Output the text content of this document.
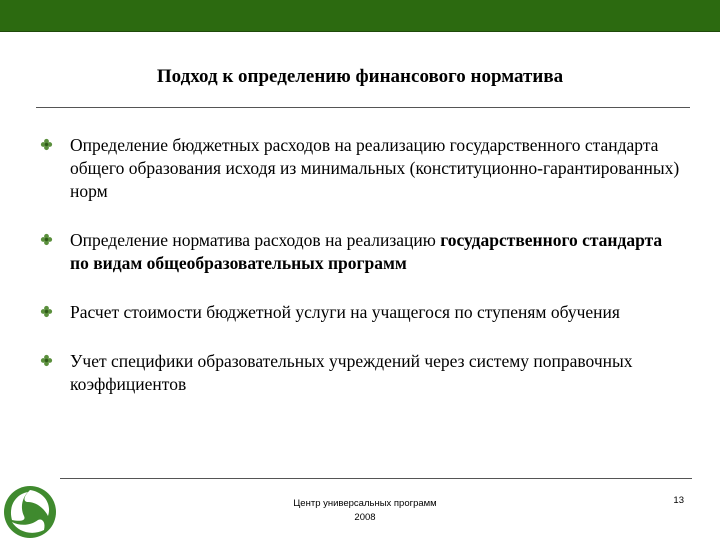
Подход к определению финансового норматива
Определение бюджетных расходов на реализацию государственного стандарта общего образования исходя из минимальных (конституционно-гарантированных) норм
Определение норматива расходов на реализацию государственного стандарта по видам общеобразовательных программ
Расчет стоимости бюджетной услуги на учащегося по ступеням обучения
Учет специфики образовательных учреждений через систему поправочных коэффициентов
Центр универсальных программ
2008
13
